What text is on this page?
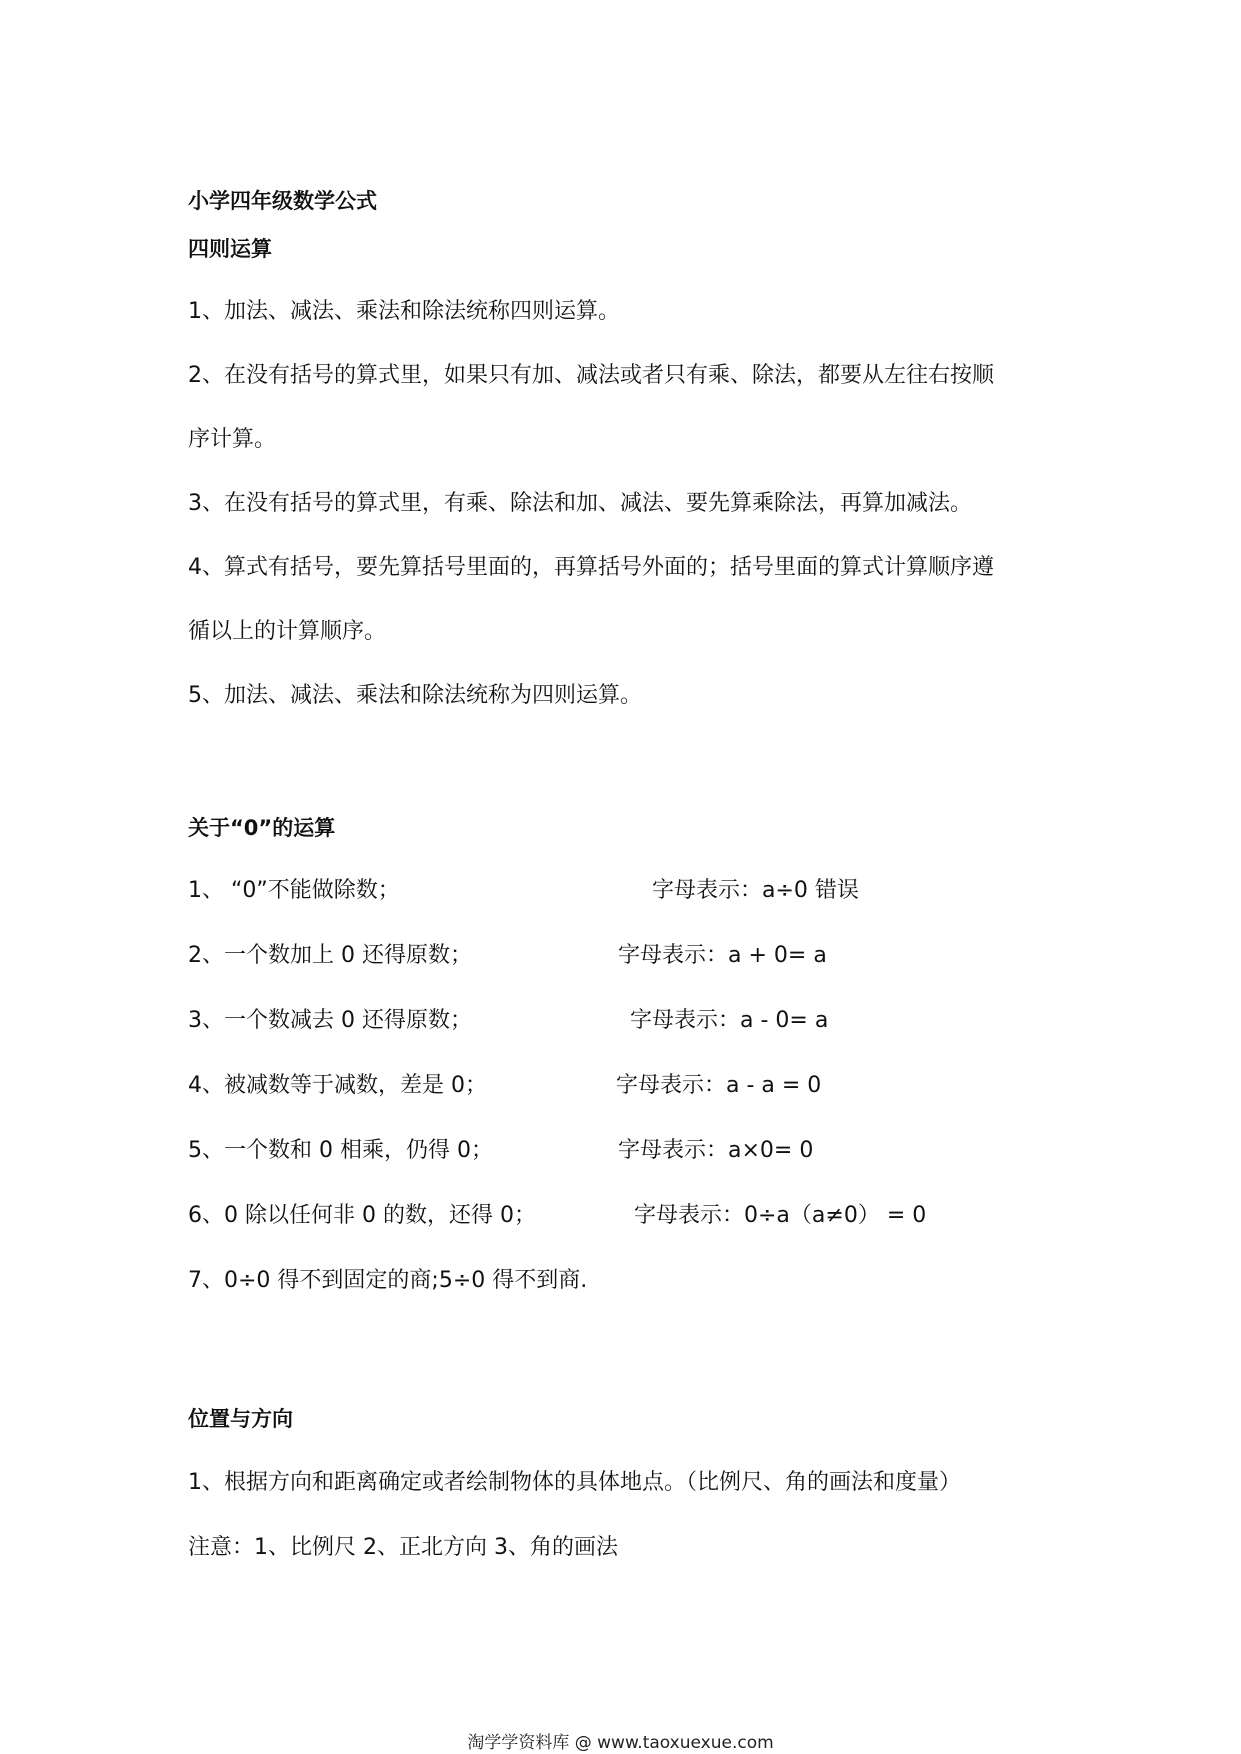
小学四年级数学公式
四则运算
1、加法、减法、乘法和除法统称四则运算。
2、在没有括号的算式里，如果只有加、减法或者只有乘、除法，都要从左往右按顺
序计算。
3、在没有括号的算式里，有乘、除法和加、减法、要先算乘除法，再算加减法。
4、算式有括号，要先算括号里面的，再算括号外面的；括号里面的算式计算顺序遵
循以上的计算顺序。
5、加法、减法、乘法和除法统称为四则运算。
关于“0”的运算
1、 “0”不能做除数；	字母表示：a÷0 错误
2、一个数加上 0 还得原数；	字母表示：a + 0= a
3、一个数减去 0 还得原数；	字母表示：a - 0= a
4、被减数等于减数，差是 0；	字母表示：a - a = 0
5、一个数和 0 相乘，仍得 0；	字母表示：a×0= 0
6、0 除以任何非 0 的数，还得 0；	字母表示：0÷a（a≠0） = 0
7、0÷0 得不到固定的商;5÷0 得不到商.
位置与方向
1、根据方向和距离确定或者绘制物体的具体地点。（比例尺、角的画法和度量）
注意：1、比例尺 2、正北方向 3、角的画法
淘学学资料库 @ www.taoxuexue.com
